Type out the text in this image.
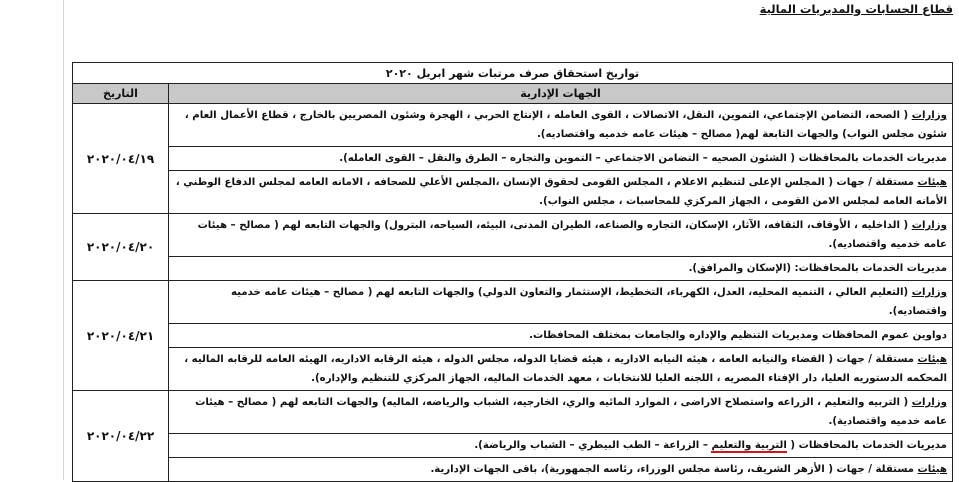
قطاع الحسابات والمديريات المالية
تواريخ استحقاق صرف مرتبات شهر ابريل ٢٠٢٠	
الجهات الإدارية	التاريخ
وزارات ( الصحه، التضامن الإجتماعي، التموين، النقل، الاتصالات ، القوى العامله ، الإنتاج الحربي ، الهجرة وشئون المصريين بالخارج ، قطاع الأعمال العام ، شئون مجلس النواب) والجهات التابعة لهم( مصالح – هيئات عامه خدميه واقتصاديه).	٢٠٢٠/٠٤/١٩
مديريات الخدمات بالمحافظات ( الشئون الصحيه – التضامن الاجتماعي – التموين والتجاره – الطرق والنقل – القوى العامله).	
هيئات مستقلة / جهات ( المجلس الإعلى لتنظيم الاعلام ، المجلس القومى لحقوق الإنسان ،المجلس الأعلي للصحافه ، الامانه العامه لمجلس الدفاع الوطني ، الأمانه العامه لمجلس الامن القومى ، الجهاز المركزي للمحاسبات ، مجلس النواب).	
وزارات ( الداخليه ، الأوقاف، الثقافه، الآثار، الإسكان، التجاره والصناعه، الطيران المدنى، البيئه، السياحه، البترول) والجهات التابعه لهم ( مصالح – هيئات عامه خدميه واقتصاديه).	٢٠٢٠/٠٤/٢٠
مديريات الخدمات بالمحافظات: (الإسكان والمرافق).	
وزارات (التعليم العالي ، التنميه المحليه، العدل، الكهرباء، التخطيط، الإستثمار والتعاون الدولي) والجهات التابعه لهم ( مصالح – هيئات عامه خدميه واقتصاديه).	٢٠٢٠/٠٤/٢١
دواوين عموم المحافظات ومديريات التنظيم والإداره والجامعات بمختلف المحافظات.	
هيئات مستقلة / جهات ( القضاء والنيابه العامه ، هيئه النيابه الاداريه ، هيئه قضايا الدوله، مجلس الدوله ، هيئه الرقابه الاداريه، الهيئه العامه للرقابه الماليه ، المحكمه الدستوريه العليا، دار الإفتاء المصريه ، اللجنه العليا للانتخابات ، معهد الخدمات الماليه، الجهاز المركزي للتنظيم والإداره).	
وزارات ( التربيه والتعليم ، الزراعه واستصلاح الاراضى ، الموارد المائيه والري، الخارجيه، الشباب والرياضه، الماليه) والجهات التابعه لهم ( مصالح – هيئات عامه خدميه واقتصادية).	٢٠٢٠/٠٤/٢٢
مديريات الخدمات بالمحافظات ( التربية والتعليم – الزراعة – الطب البيطري – الشباب والرياضة).	
هيئات مستقلة / جهات ( الأزهر الشريف، رئاسة مجلس الوزراء، رئاسه الجمهورية)، باقى الجهات الإدارية.	
